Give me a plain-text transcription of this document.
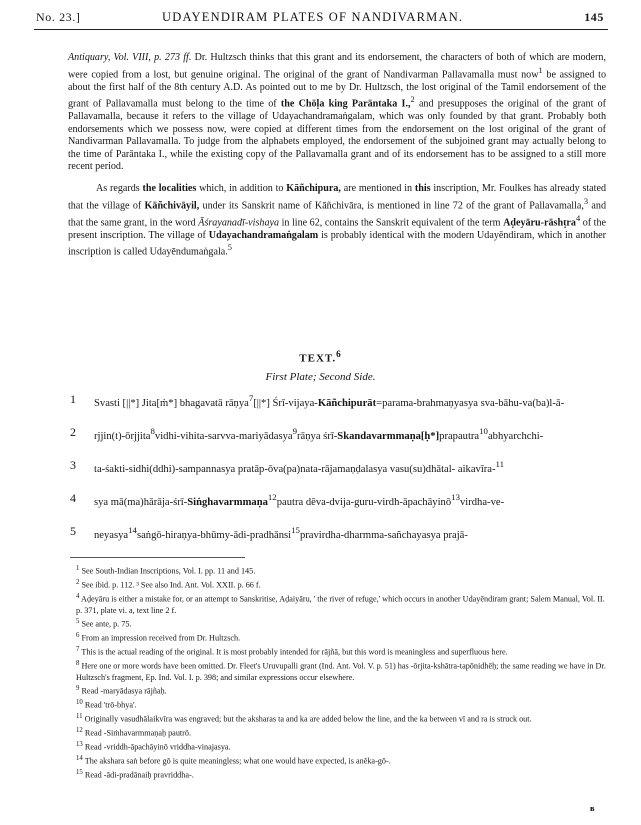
No. 23.]	UDAYENDIRAM PLATES OF NANDIVARMAN.	145

Antiquary, Vol. VIII, p. 273 ff. Dr. Hultzsch thinks that this grant and its endorsement, the characters of both of which are modern, were copied from a lost, but genuine original. The original of the grant of Nandivarman Pallavamalla must now$^1$ be assigned to about the first half of the 8th century A.D. As pointed out to me by Dr. Hultzsch, the lost original of the Tamil endorsement of the grant of Pallavamalla must belong to the time of the Chōḷa king Parāntaka I.,$^2$ and presupposes the original of the grant of Pallavamalla, because it refers to the village of Udayachandramaṅgalam, which was only founded by that grant. Probably both endorsements which we possess now, were copied at different times from the endorsement on the lost original of the grant of Nandivarman Pallavamalla. To judge from the alphabets employed, the endorsement of the subjoined grant may actually belong to the time of Parāntaka I., while the existing copy of the Pallavamalla grant and of its endorsement has to be assigned to a still more recent period.

As regards the localities which, in addition to Kāñchipura, are mentioned in this inscription, Mr. Foulkes has already stated that the village of Kāñchivāyil, under its Sanskrit name of Kāñchivāra, is mentioned in line 72 of the grant of Pallavamalla,$^3$ and that the same grant, in the word Āśrayanadī-vishaya in line 62, contains the Sanskrit equivalent of the term Aḍeyāru-rāshṭra$^4$ of the present inscription. The village of Udayachandramaṅgalam is probably identical with the modern Udayēndiram, which in another inscription is called Udayēndumaṅgala.$^5$

TEXT.$^6$
First Plate; Second Side.
1 Svasti [||*] Jita[ṁ*] bhagavatā rāṇya$^7$[||*] Śrī-vijaya-Kāñchipurāt=parama-brahmaṇyasya sva-bāhu-va(ba)l-ā-
2 rjjin(t)-ōrjjita$^8$vidhi-vihita-sarvva-mariyādasya$^9$rāṇya śrī-Skandavarmmaṇa[ḥ*]prapautra$^{10}$abhyarchchi-
3 ta-śakti-sidhi(ddhi)-sampannasya pratāp-ōva(pa)nata-rājamaṇḍalasya vasu(su)dhātal- aikavīra-$^{11}$
4 sya mā(ma)hārāja-śrī-Siṅghavarmmaṇa$^{12}$pautra dēva-dvija-guru-virdh-āpachāyinō$^{13}$virdha-ve-
5 neyasya$^{14}$saṅgō-hiraṇya-bhūmy-ādi-pradhānsi$^{15}$pravirdha-dharmma-sañchayasya prajā-
$^1$ See South-Indian Inscriptions, Vol. I. pp. 11 and 145.
$^2$ See ibid. p. 112. ³ See also Ind. Ant. Vol. XXII. p. 66 f.
$^4$ Aḍeyāru is either a mistake for, or an attempt to Sanskritise, Aḍaiyāru, ' the river of refuge,' which occurs in another Udayēndiram grant; Salem Manual, Vol. II. p. 371, plate vi. a, text line 2 f.
$^5$ See ante, p. 75.
$^6$ From an impression received from Dr. Hultzsch.
$^7$ This is the actual reading of the original. It is most probably intended for rājñā, but this word is meaningless and superfluous here.
$^8$ Here one or more words have been omitted. Dr. Fleet's Uruvupalli grant (Ind. Ant. Vol. V. p. 51) has -ōrjita-kshātra-tapōnidhēḥ; the same reading we have in Dr. Hultzsch's fragment, Ep. Ind. Vol. I. p. 398; and similar expressions occur elsewhere.
$^9$ Read -maryādasya rājñaḥ.
$^{10}$ Read 'trō-bhya'.
$^{11}$ Originally vasudhālaikvīra was engraved; but the aksharas ta and ka are added below the line, and the ka between vī and ra is struck out.
$^{12}$ Read -Siṁhavarmmaṇaḥ pautrō.
$^{13}$ Read -vriddh-āpachāyinō vriddha-vinajasya.
$^{14}$ The akshara saṅ before gō is quite meaningless; what one would have expected, is anēka-gō-.
$^{15}$ Read -ādi-pradānaiḥ pravriddha-.
ᴮ
